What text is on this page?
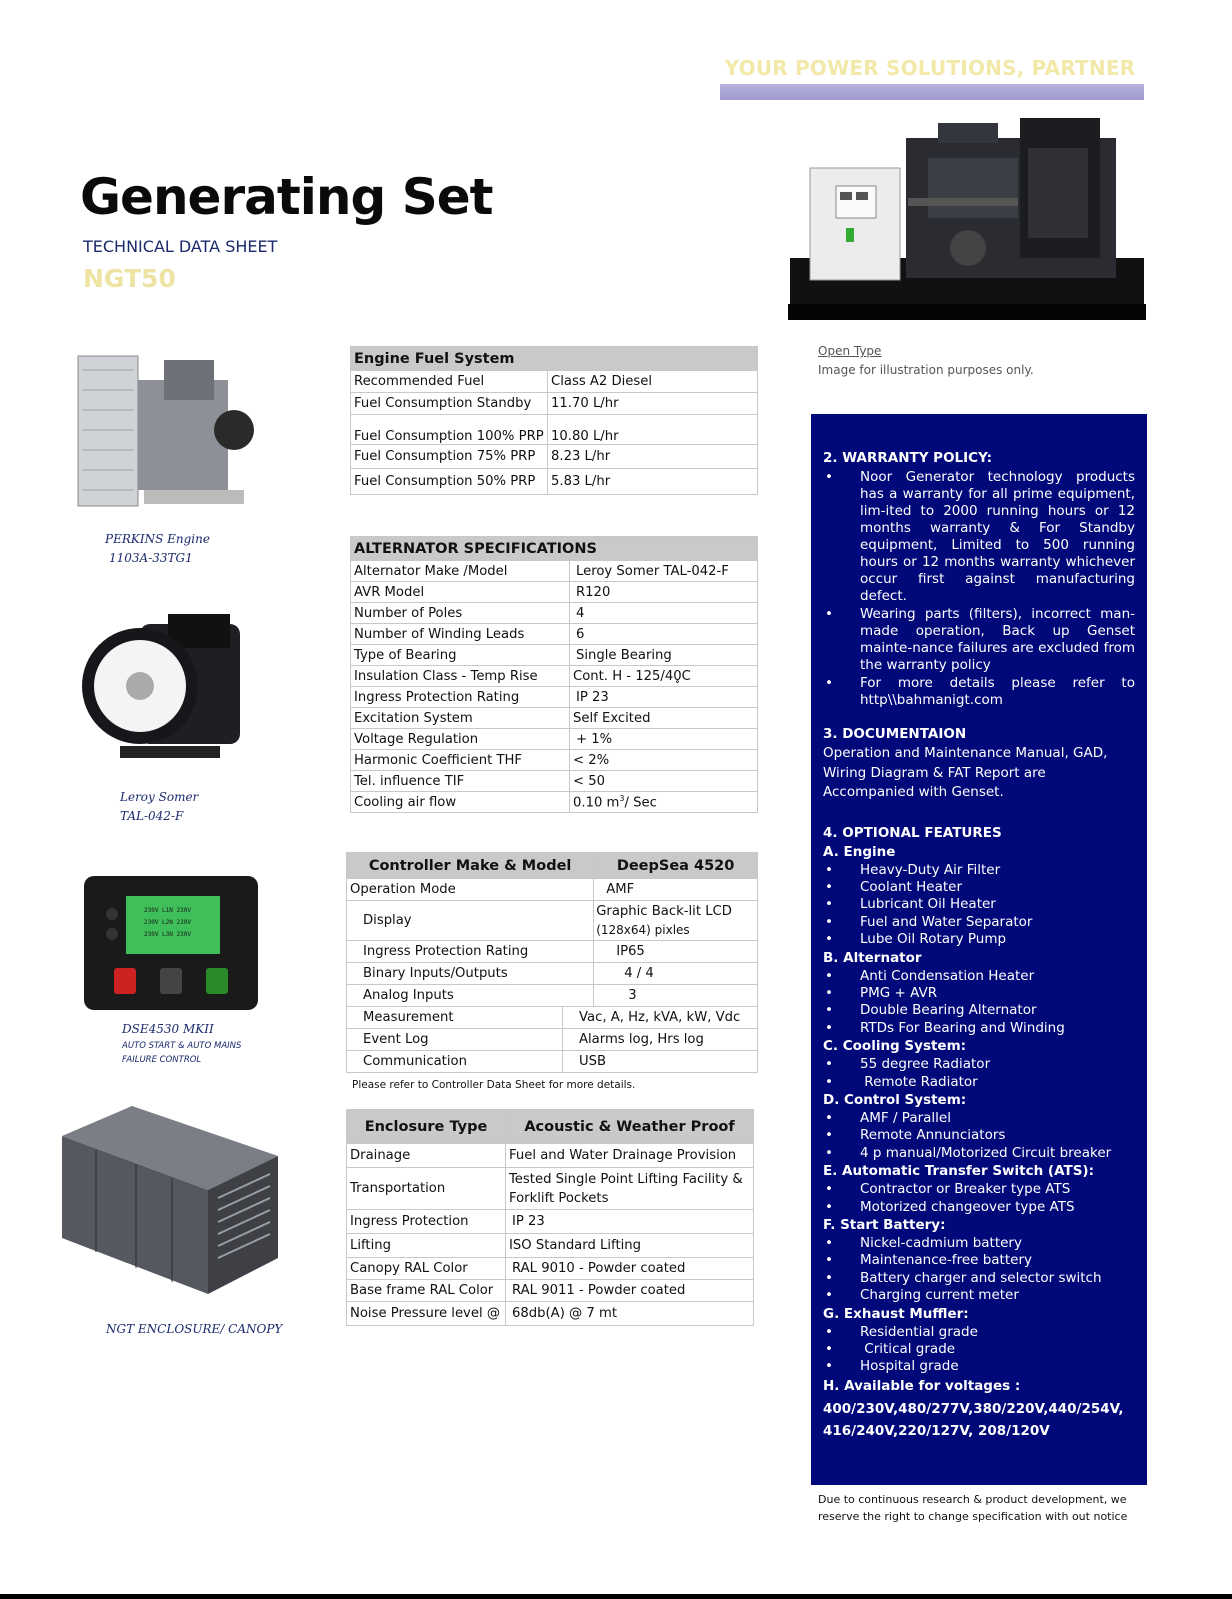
YOUR POWER SOLUTIONS, PARTNER
Generating Set
TECHNICAL DATA SHEET
NGT50
Open Type
Image for illustration purposes only.
PERKINS Engine
1103A-33TG1
Leroy Somer
TAL-042-F
230V L1N 230V
230V L2N 230V
230V L3N 230V
DSE4530 MKII
AUTO START & AUTO MAINS
FAILURE CONTROL
NGT ENCLOSURE/ CANOPY
Engine Fuel System	
Recommended Fuel	Class A2 Diesel
Fuel Consumption Standby	11.70 L/hr
Fuel Consumption 100% PRP	10.80 L/hr
Fuel Consumption 75% PRP	8.23 L/hr
Fuel Consumption 50% PRP	5.83 L/hr
ALTERNATOR SPECIFICATIONS	
Alternator Make /Model	Leroy Somer TAL-042-F
AVR Model	R120
Number of Poles	4
Number of Winding Leads	6
Type of Bearing	Single Bearing
Insulation Class - Temp Rise	Cont. H - 125/40̥C
Ingress Protection Rating	IP 23
Excitation System	Self Excited
Voltage Regulation	+ 1%
Harmonic Coefficient THF	< 2%
Tel. influence TIF	< 50
Cooling air flow	0.10 $m^3/$ Sec
Controller Make & Model		DeepSea 4520
Operation Mode		AMF
Display		Graphic Back-lit LCD
(128x64) pixles

Ingress Protection Rating		IP65
Binary Inputs/Outputs		4 / 4
Analog Inputs		3
Measurement	Vac, A, Hz, kVA, kW, Vdc	
Event Log	Alarms log, Hrs log	
Communication	USB	
Please refer to Controller Data Sheet for more details.
Enclosure Type	Acoustic & Weather Proof
Drainage	Fuel and Water Drainage Provision
Transportation	Tested Single Point Lifting Facility &
Forklift Pockets

Ingress Protection	IP 23
Lifting	ISO Standard Lifting
Canopy RAL Color	RAL 9010 - Powder coated
Base frame RAL Color	RAL 9011 - Powder coated
Noise Pressure level @	68db(A) @ 7 mt
2. WARRANTY POLICY:
• Noor Generator technology products has a warranty for all prime equipment, lim-ited to 2000 running hours or 12 months warranty & For Standby equipment, Limited to 500 running hours or 12 months warranty whichever occur first against manufacturing defect.
• Wearing parts (filters), incorrect man-made operation, Back up Genset mainte-nance failures are excluded from the warranty policy
• For more details please refer to http\\bahmanigt.com
3. DOCUMENTAION
Operation and Maintenance Manual, GAD, Wiring Diagram & FAT Report are Accompanied with Genset.
4. OPTIONAL FEATURES
A. Engine
• Heavy-Duty Air Filter
• Coolant Heater
• Lubricant Oil Heater
• Fuel and Water Separator
• Lube Oil Rotary Pump
B. Alternator
• Anti Condensation Heater
• PMG + AVR
• Double Bearing Alternator
• RTDs For Bearing and Winding
C. Cooling System:
• 55 degree Radiator
•  Remote Radiator
D. Control System:
• AMF / Parallel
• Remote Annunciators
• 4 p manual/Motorized Circuit breaker
E. Automatic Transfer Switch (ATS):
• Contractor or Breaker type ATS
• Motorized changeover type ATS
F. Start Battery:
• Nickel-cadmium battery
• Maintenance-free battery
• Battery charger and selector switch
• Charging current meter
G. Exhaust Muffler:
• Residential grade
•  Critical grade
• Hospital grade
H. Available for voltages :
400/230V,480/277V,380/220V,440/254V,
416/240V,220/127V, 208/120V
Due to continuous research & product development, we reserve the right to change specification with out notice
